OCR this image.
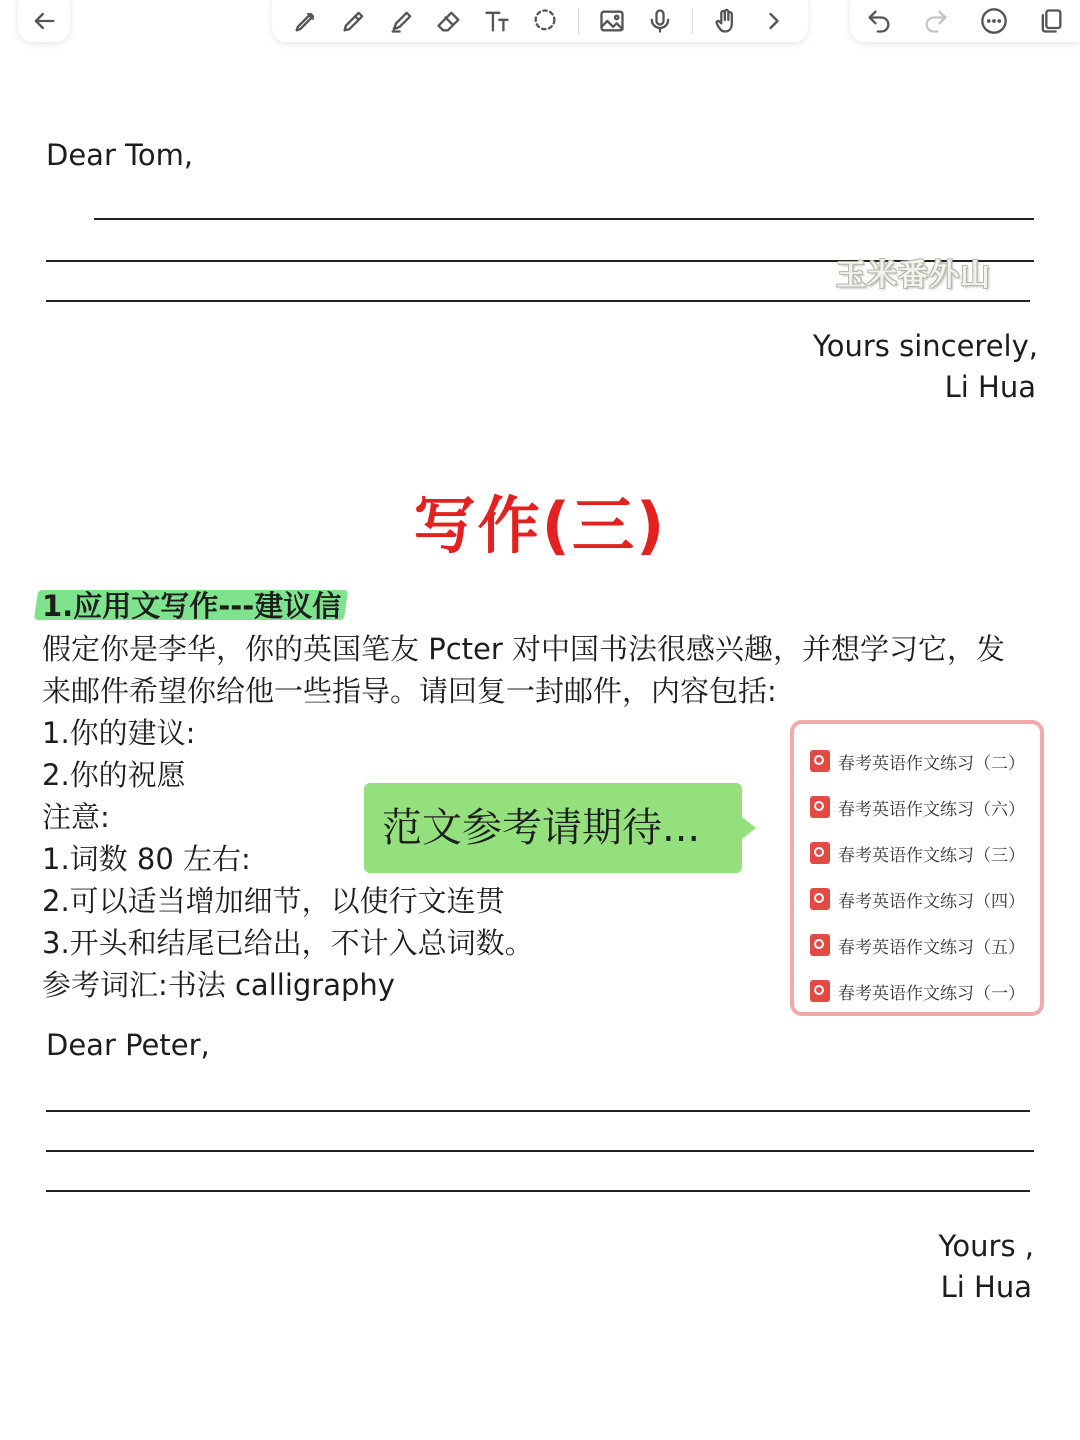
Dear Tom,
玉米番外山
Yours sincerely,
Li Hua
写作(三)
1.应用文写作---建议信
假定你是李华，你的英国笔友 Pcter 对中国书法很感兴趣，并想学习它，发
来邮件希望你给他一些指导。请回复一封邮件，内容包括:
1.你的建议:
2.你的祝愿
注意:
1.词数 80 左右:
2.可以适当增加细节，以使行文连贯
3.开头和结尾已给出，不计入总词数。
参考词汇:书法 calligraphy
范文参考请期待...
春考英语作文练习（二）
春考英语作文练习（六）
春考英语作文练习（三）
春考英语作文练习（四）
春考英语作文练习（五）
春考英语作文练习（一）
Dear Peter,
Yours ,
Li Hua
